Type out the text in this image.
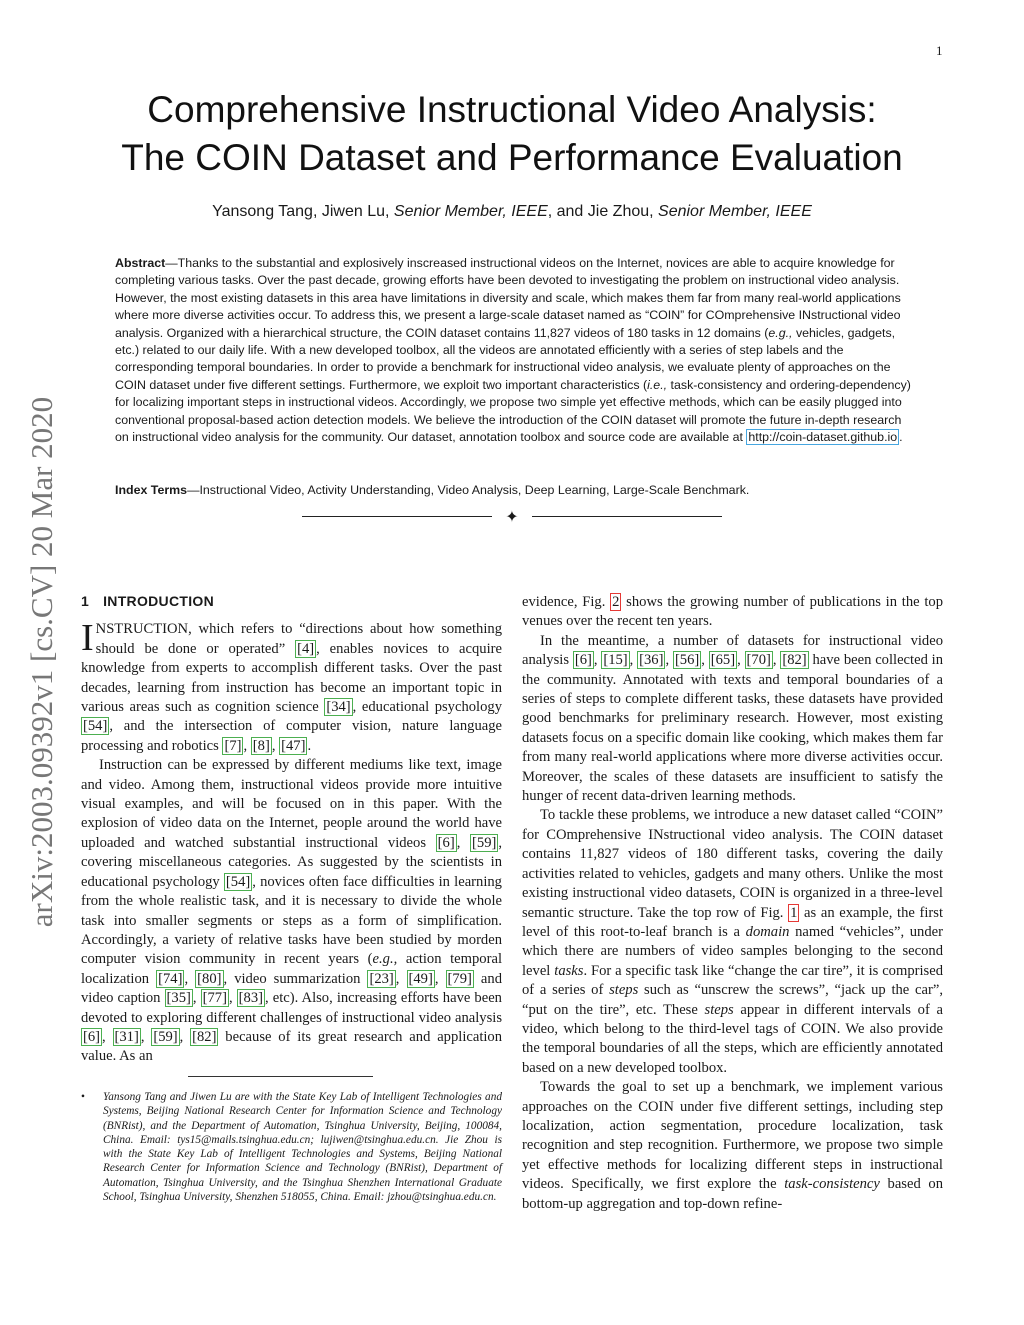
1
arXiv:2003.09392v1 [cs.CV] 20 Mar 2020
Comprehensive Instructional Video Analysis:
The COIN Dataset and Performance Evaluation
Yansong Tang, Jiwen Lu, Senior Member, IEEE, and Jie Zhou, Senior Member, IEEE

Abstract—Thanks to the substantial and explosively inscreased instructional videos on the Internet, novices are able to acquire knowledge for completing various tasks. Over the past decade, growing efforts have been devoted to investigating the problem on instructional video analysis. However, the most existing datasets in this area have limitations in diversity and scale, which makes them far from many real-world applications where more diverse activities occur. To address this, we present a large-scale dataset named as “COIN” for COmprehensive INstructional video analysis. Organized with a hierarchical structure, the COIN dataset contains 11,827 videos of 180 tasks in 12 domains (e.g., vehicles, gadgets, etc.) related to our daily life. With a new developed toolbox, all the videos are annotated efficiently with a series of step labels and the corresponding temporal boundaries. In order to provide a benchmark for instructional video analysis, we evaluate plenty of approaches on the COIN dataset under five different settings. Furthermore, we exploit two important characteristics (i.e., task-consistency and ordering-dependency) for localizing important steps in instructional videos. Accordingly, we propose two simple yet effective methods, which can be easily plugged into conventional proposal-based action detection models. We believe the introduction of the COIN dataset will promote the future in-depth research on instructional video analysis for the community. Our dataset, annotation toolbox and source code are available at http://coin-dataset.github.io .

Index Terms—Instructional Video, Activity Understanding, Video Analysis, Deep Learning, Large-Scale Benchmark.

✦
1 INTRODUCTION

INSTRUCTION, which refers to “directions about how something should be done or operated” [4] , enables novices to acquire knowledge from experts to accomplish different tasks. Over the past decades, learning from instruction has become an important topic in various areas such as cognition science [34] , educational psychology [54] , and the intersection of computer vision, nature language processing and robotics [7] , [8] , [47] .

Instruction can be expressed by different mediums like text, image and video. Among them, instructional videos provide more intuitive visual examples, and will be focused on in this paper. With the explosion of video data on the Internet, people around the world have uploaded and watched substantial instructional videos [6] , [59] , covering miscellaneous categories. As suggested by the scientists in educational psychology [54] , novices often face difficulties in learning from the whole realistic task, and it is necessary to divide the whole task into smaller segments or steps as a form of simplification. Accordingly, a variety of relative tasks have been studied by morden computer vision community in recent years (e.g., action temporal localization [74] , [80] , video summarization [23] , [49] , [79] and video caption [35] , [77] , [83] , etc). Also, increasing efforts have been devoted to exploring different challenges of instructional video analysis [6] , [31] , [59] , [82] because of its great research and application value. As an

• Yansong Tang and Jiwen Lu are with the State Key Lab of Intelligent Technologies and Systems, Beijing National Research Center for Information Science and Technology (BNRist), and the Department of Automation, Tsinghua University, Beijing, 100084, China. Email: tys15@mails.tsinghua.edu.cn; lujiwen@tsinghua.edu.cn. Jie Zhou is with the State Key Lab of Intelligent Technologies and Systems, Beijing National Research Center for Information Science and Technology (BNRist), Department of Automation, Tsinghua University, and the Tsinghua Shenzhen International Graduate School, Tsinghua University, Shenzhen 518055, China. Email: jzhou@tsinghua.edu.cn.

evidence, Fig. 2 shows the growing number of publications in the top venues over the recent ten years.

In the meantime, a number of datasets for instructional video analysis [6] , [15] , [36] , [56] , [65] , [70] , [82] have been collected in the community. Annotated with texts and temporal boundaries of a series of steps to complete different tasks, these datasets have provided good benchmarks for preliminary research. However, most existing datasets focus on a specific domain like cooking, which makes them far from many real-world applications where more diverse activities occur. Moreover, the scales of these datasets are insufficient to satisfy the hunger of recent data-driven learning methods.

To tackle these problems, we introduce a new dataset called “COIN” for COmprehensive INstructional video analysis. The COIN dataset contains 11,827 videos of 180 different tasks, covering the daily activities related to vehicles, gadgets and many others. Unlike the most existing instructional video datasets, COIN is organized in a three-level semantic structure. Take the top row of Fig. 1 as an example, the first level of this root-to-leaf branch is a domain named “vehicles”, under which there are numbers of video samples belonging to the second level tasks. For a specific task like “change the car tire”, it is comprised of a series of steps such as “unscrew the screws”, “jack up the car”, “put on the tire”, etc. These steps appear in different intervals of a video, which belong to the third-level tags of COIN. We also provide the temporal boundaries of all the steps, which are efficiently annotated based on a new developed toolbox.

Towards the goal to set up a benchmark, we implement various approaches on the COIN under five different settings, including step localization, action segmentation, procedure localization, task recognition and step recognition. Furthermore, we propose two simple yet effective methods for localizing different steps in instructional videos. Specifically, we first explore the task-consistency based on bottom-up aggregation and top-down refine-
